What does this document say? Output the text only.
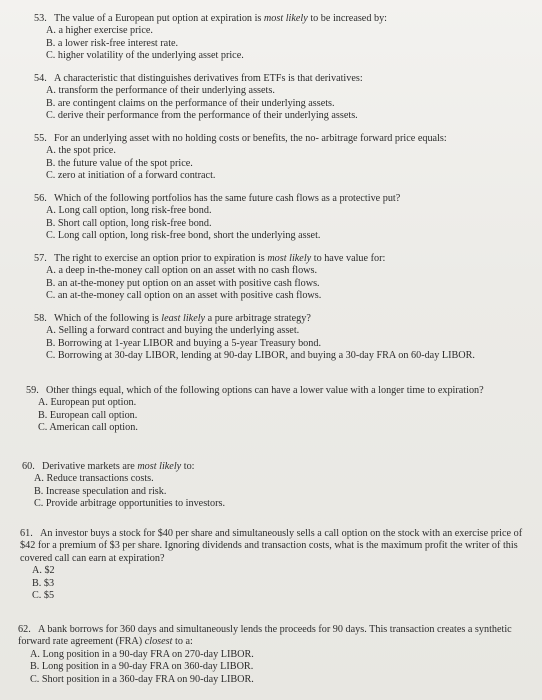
53. The value of a European put option at expiration is most likely to be increased by:
A. a higher exercise price.
B. a lower risk-free interest rate.
C. higher volatility of the underlying asset price.
54. A characteristic that distinguishes derivatives from ETFs is that derivatives:
A. transform the performance of their underlying assets.
B. are contingent claims on the performance of their underlying assets.
C. derive their performance from the performance of their underlying assets.
55. For an underlying asset with no holding costs or benefits, the no- arbitrage forward price equals:
A. the spot price.
B. the future value of the spot price.
C. zero at initiation of a forward contract.
56. Which of the following portfolios has the same future cash flows as a protective put?
A. Long call option, long risk-free bond.
B. Short call option, long risk-free bond.
C. Long call option, long risk-free bond, short the underlying asset.
57. The right to exercise an option prior to expiration is most likely to have value for:
A. a deep in-the-money call option on an asset with no cash flows.
B. an at-the-money put option on an asset with positive cash flows.
C. an at-the-money call option on an asset with positive cash flows.
58. Which of the following is least likely a pure arbitrage strategy?
A. Selling a forward contract and buying the underlying asset.
B. Borrowing at 1-year LIBOR and buying a 5-year Treasury bond.
C. Borrowing at 30-day LIBOR, lending at 90-day LIBOR, and buying a 30-day FRA on 60-day LIBOR.
59. Other things equal, which of the following options can have a lower value with a longer time to expiration?
A. European put option.
B. European call option.
C. American call option.
60. Derivative markets are most likely to:
A. Reduce transactions costs.
B. Increase speculation and risk.
C. Provide arbitrage opportunities to investors.
61. An investor buys a stock for $40 per share and simultaneously sells a call option on the stock with an exercise price of $42 for a premium of $3 per share. Ignoring dividends and transaction costs, what is the maximum profit the writer of this covered call can earn at expiration?
A. $2
B. $3
C. $5
62. A bank borrows for 360 days and simultaneously lends the proceeds for 90 days. This transaction creates a synthetic forward rate agreement (FRA) closest to a:
A. Long position in a 90-day FRA on 270-day LIBOR.
B. Long position in a 90-day FRA on 360-day LIBOR.
C. Short position in a 360-day FRA on 90-day LIBOR.
